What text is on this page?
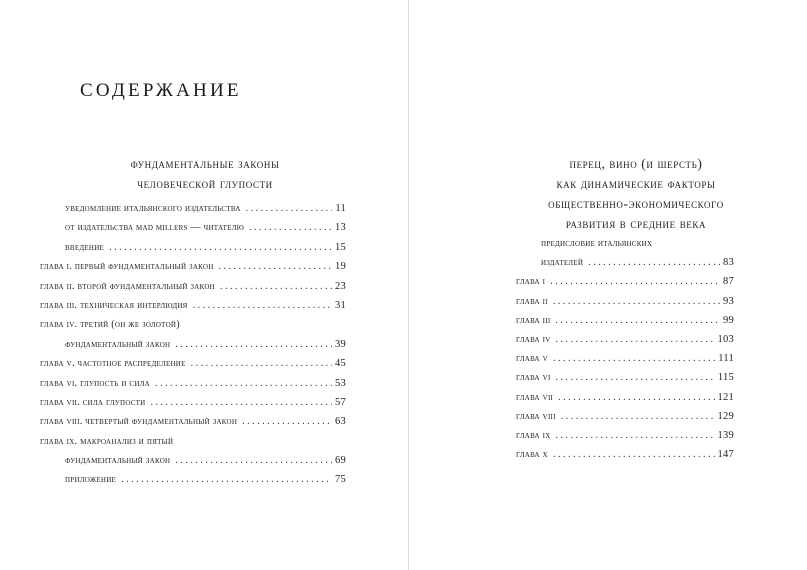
содержание
фундаментальные законы
человеческой глупости
уведомление итальянского издательства . . .	11
от издательства mad millers — читателю . . .	13
введение . . .	15
глава i. первый фундаментальный закон . . .	19
глава ii. второй фундаментальный закон . . .	23
глава iii. техническая интерлюдия . . .	31
глава iv. третий (он же золотой)
фундаментальный закон . . .	39
глава v. частотное распределение . . .	45
глава vi. глупость и сила . . .	53
глава vii. сила глупости . . .	57
глава viii. четвертый фундаментальный закон . . .	63
глава ix. макроанализ и пятый
фундаментальный закон . . .	69
приложение . . .	75
перец, вино (и шерсть)
как динамические факторы
общественно-экономического
развития в средние века
предисловие итальянских
издателей . . .	83
глава i . . .	87
глава ii . . .	93
глава iii . . .	99
глава iv . . .	103
глава v . . .	111
глава vi . . .	115
глава vii . . .	121
глава viii . . .	129
глава ix . . .	139
глава x . . .	147
